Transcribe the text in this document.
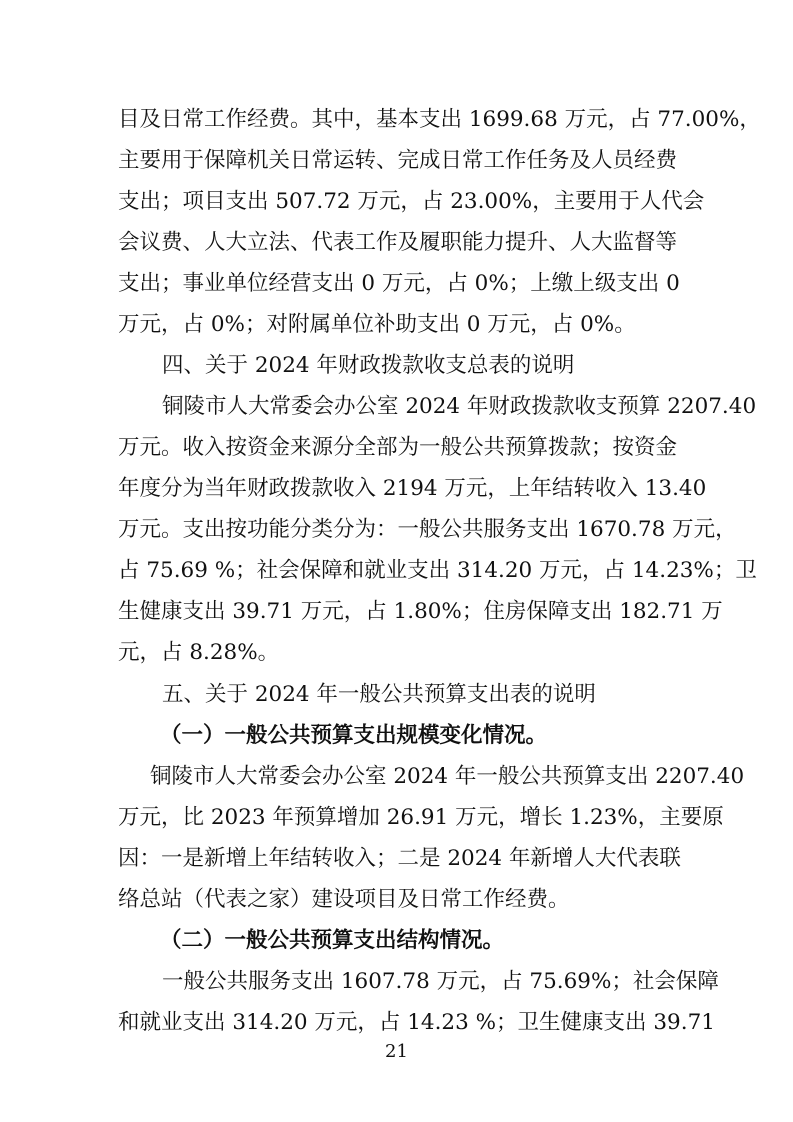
目及日常工作经费。其中，基本支出 1699.68 万元，占 77.00%，
主要用于保障机关日常运转、完成日常工作任务及人员经费
支出；项目支出 507.72 万元，占 23.00%，主要用于人代会
会议费、人大立法、代表工作及履职能力提升、人大监督等
支出；事业单位经营支出 0 万元，占 0%；上缴上级支出 0
万元，占 0%；对附属单位补助支出 0 万元，占 0%。
四、关于 2024 年财政拨款收支总表的说明
铜陵市人大常委会办公室 2024 年财政拨款收支预算 2207.40
万元。收入按资金来源分全部为一般公共预算拨款；按资金
年度分为当年财政拨款收入 2194 万元，上年结转收入 13.40
万元。支出按功能分类分为：一般公共服务支出 1670.78 万元，
占 75.69 %；社会保障和就业支出 314.20 万元，占 14.23%；卫
生健康支出 39.71 万元，占 1.80%；住房保障支出 182.71 万
元，占 8.28%。
五、关于 2024 年一般公共预算支出表的说明
（一）一般公共预算支出规模变化情况。
铜陵市人大常委会办公室 2024 年一般公共预算支出 2207.40
万元，比 2023 年预算增加 26.91 万元，增长 1.23%，主要原
因：一是新增上年结转收入；二是 2024 年新增人大代表联
络总站（代表之家）建设项目及日常工作经费。
（二）一般公共预算支出结构情况。
一般公共服务支出 1607.78 万元，占 75.69%；社会保障
和就业支出 314.20 万元，占 14.23 %；卫生健康支出 39.71
21
